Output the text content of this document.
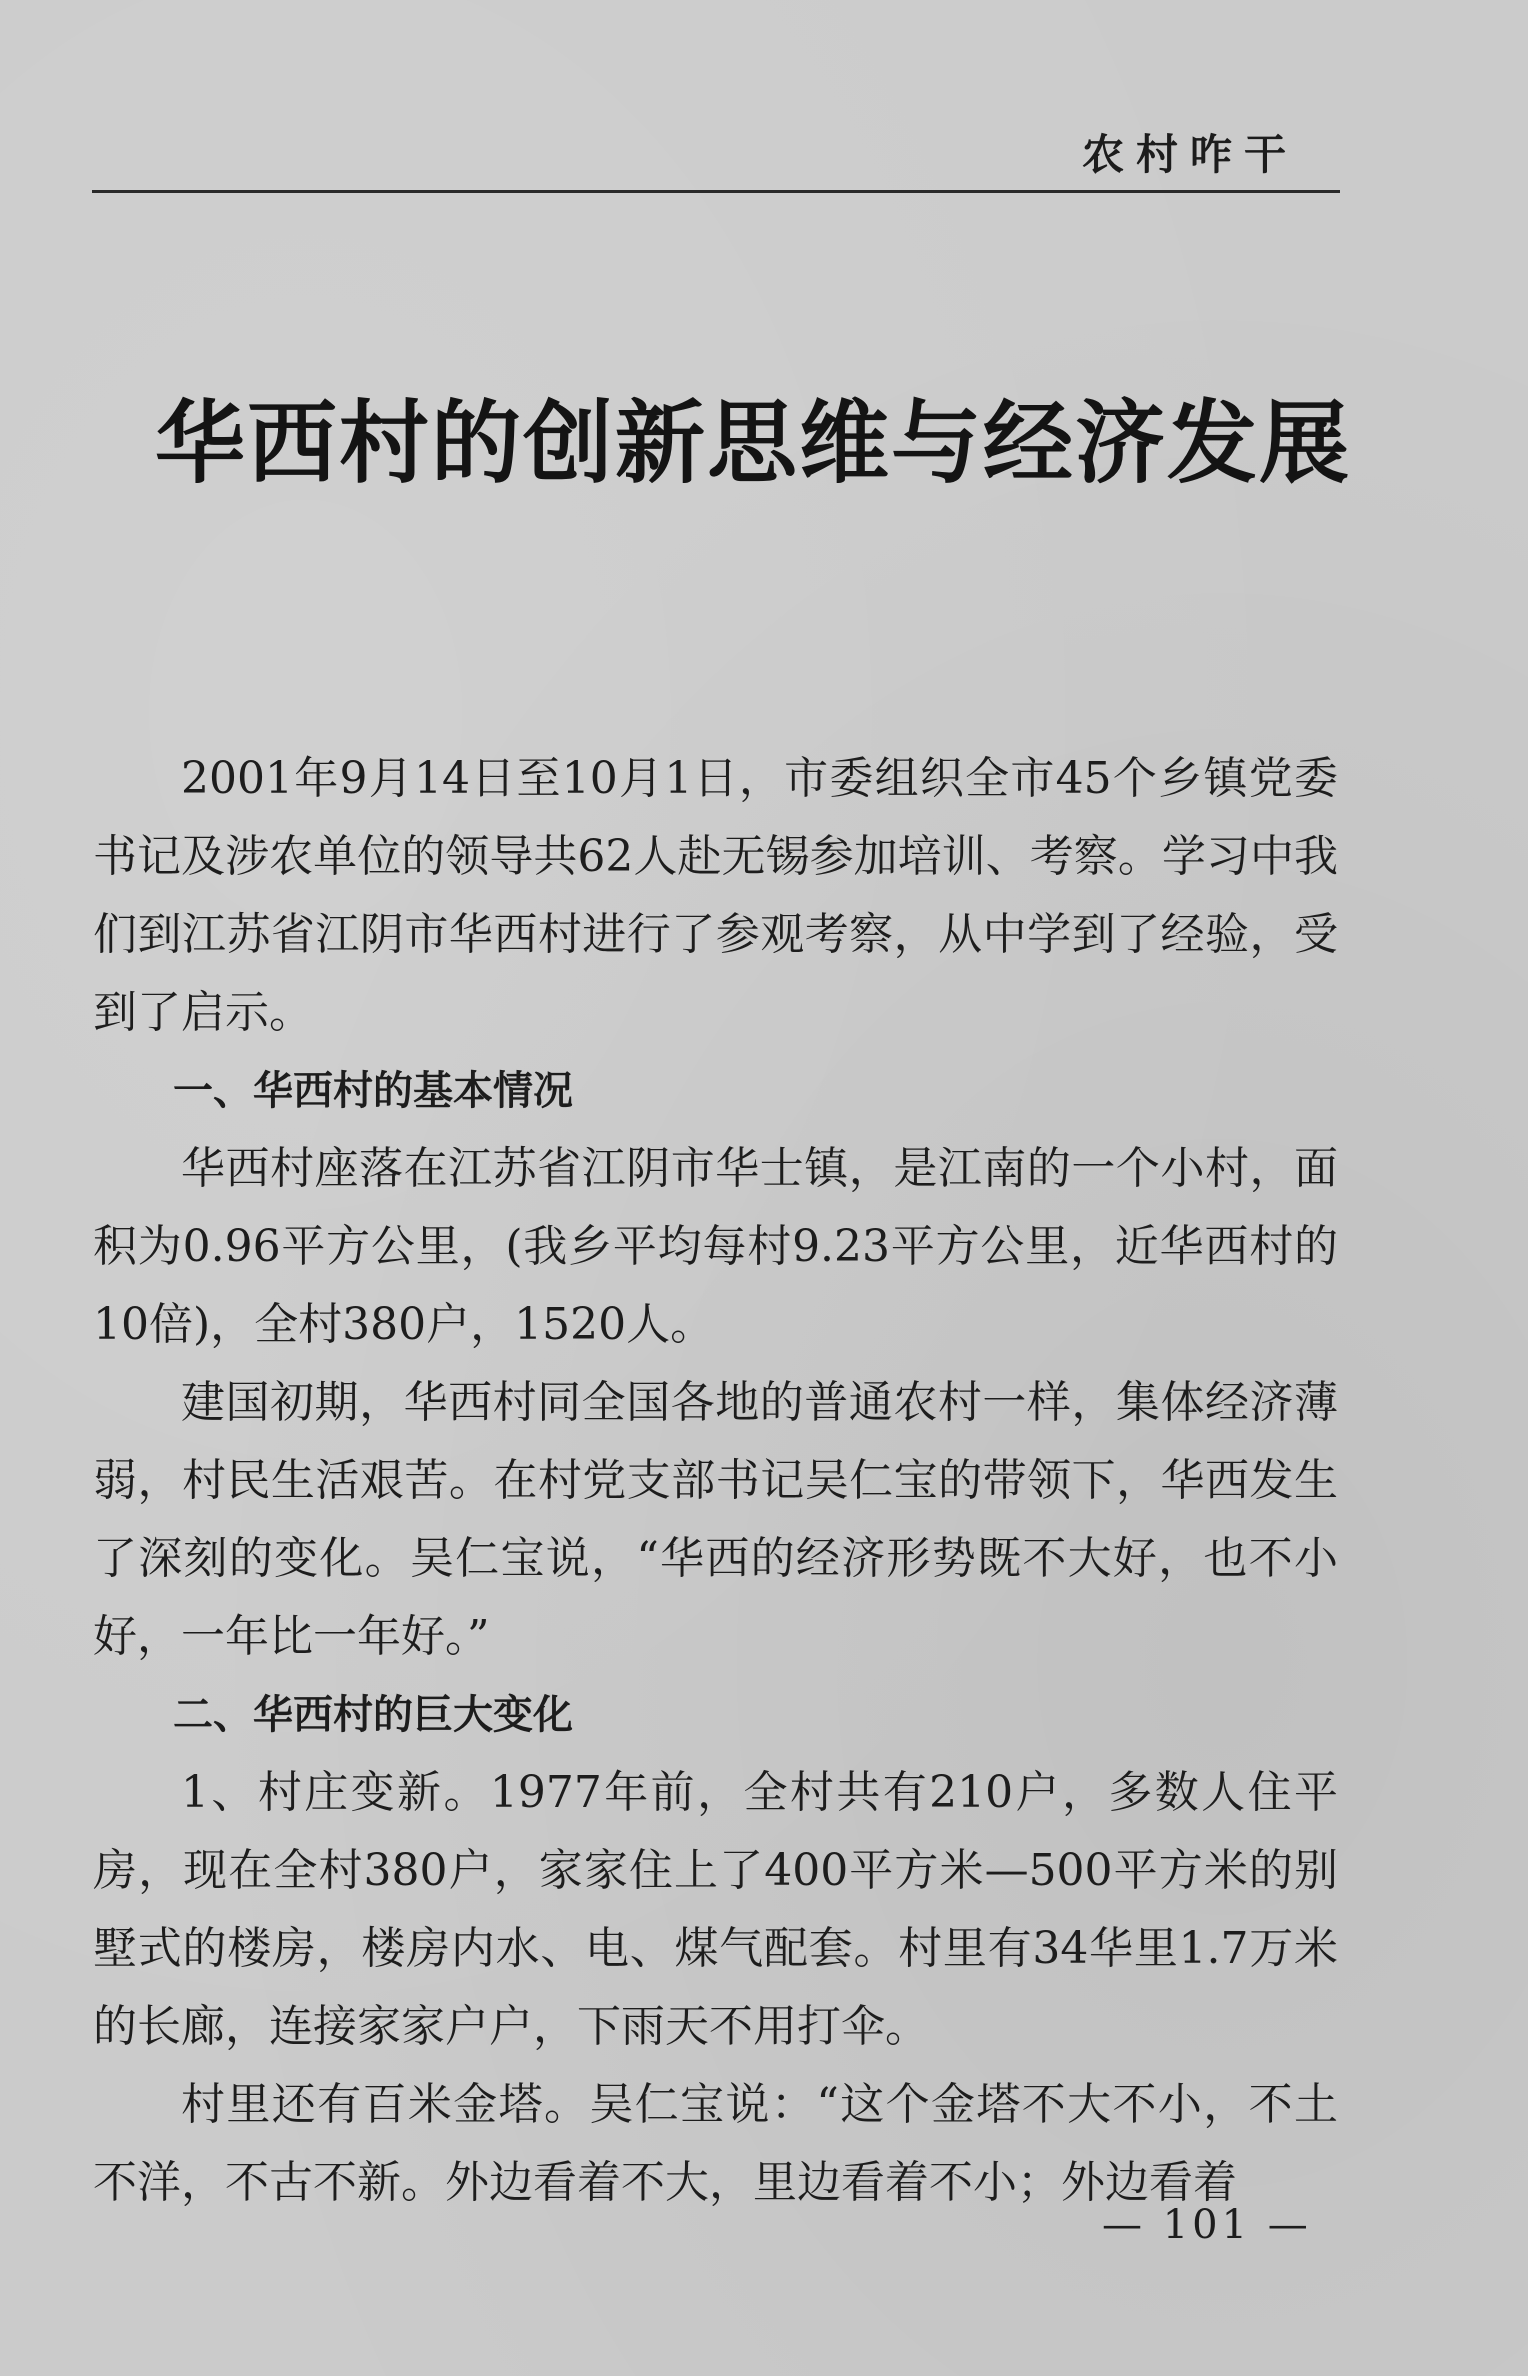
农村咋干
华西村的创新思维与经济发展

2001年9月14日至10月1日，市委组织全市45个乡镇党委书记及涉农单位的领导共62人赴无锡参加培训、考察。学习中我们到江苏省江阴市华西村进行了参观考察，从中学到了经验，受到了启示。

一、华西村的基本情况

华西村座落在江苏省江阴市华士镇，是江南的一个小村，面积为0.96平方公里，(我乡平均每村9.23平方公里，近华西村的10倍)，全村380户，1520人。

建国初期，华西村同全国各地的普通农村一样，集体经济薄弱，村民生活艰苦。在村党支部书记吴仁宝的带领下，华西发生了深刻的变化。吴仁宝说，“华西的经济形势既不大好，也不小好，一年比一年好。”

二、华西村的巨大变化

1、村庄变新。1977年前，全村共有210户，多数人住平房，现在全村380户，家家住上了400平方米—500平方米的别墅式的楼房，楼房内水、电、煤气配套。村里有34华里1.7万米的长廊，连接家家户户，下雨天不用打伞。

村里还有百米金塔。吴仁宝说：“这个金塔不大不小，不土不洋，不古不新。外边看着不大，里边看着不小；外边看着

— 101 —
